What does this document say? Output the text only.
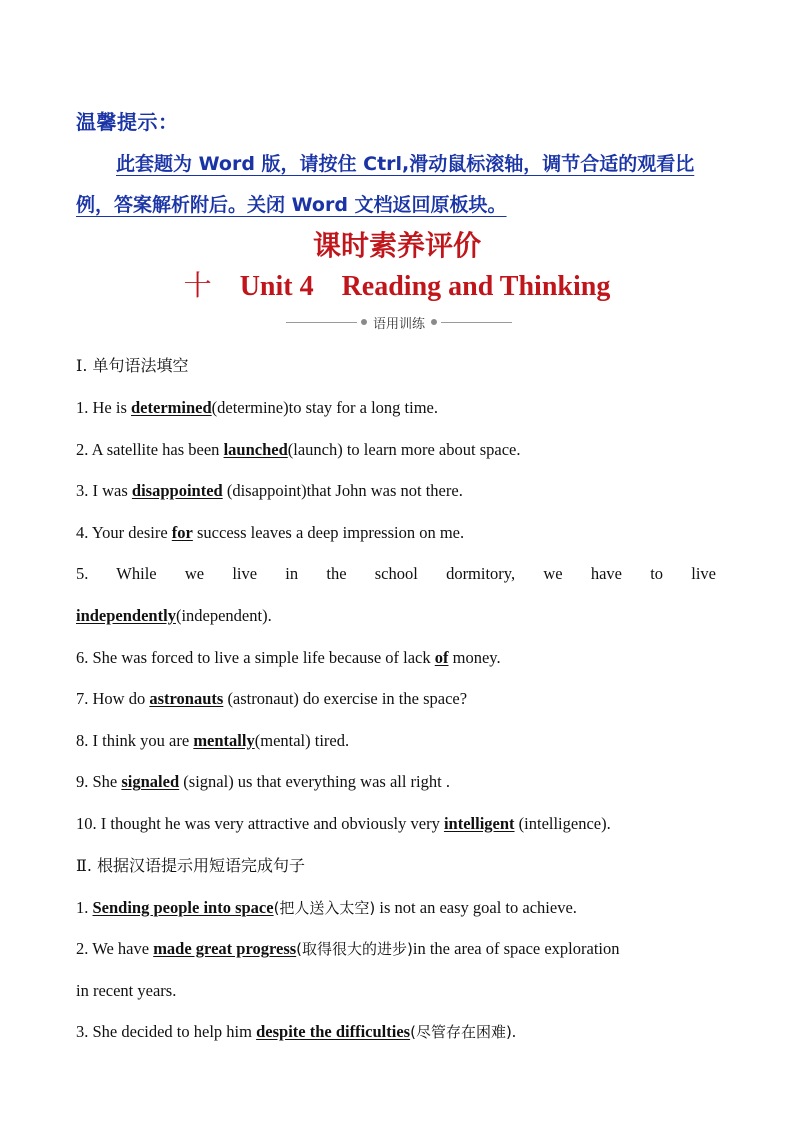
温馨提示：
此套题为 Word 版，请按住 Ctrl,滑动鼠标滚轴，调节合适的观看比例，答案解析附后。关闭 Word 文档返回原板块。
课时素养评价
十 Unit 4　Reading and Thinking
语用训练
Ⅰ. 单句语法填空
1. He is determined(determine)to stay for a long time.
2. A satellite has been launched(launch) to learn more about space.
3. I was disappointed (disappoint)that John was not there.
4. Your desire for success leaves a deep impression on me.
5. While we live in the school dormitory, we have to live
independently(independent).
6. She was forced to live a simple life because of lack of money.
7. How do astronauts (astronaut) do exercise in the space?
8. I think you are mentally(mental) tired.
9. She signaled (signal) us that everything was all right .
10. I thought he was very attractive and obviously very intelligent (intelligence).
Ⅱ. 根据汉语提示用短语完成句子
1. Sending people into space(把人送入太空) is not an easy goal to achieve.
2. We have made great progress(取得很大的进步)in the area of space exploration
in recent years.
3. She decided to help him despite the difficulties(尽管存在困难).
